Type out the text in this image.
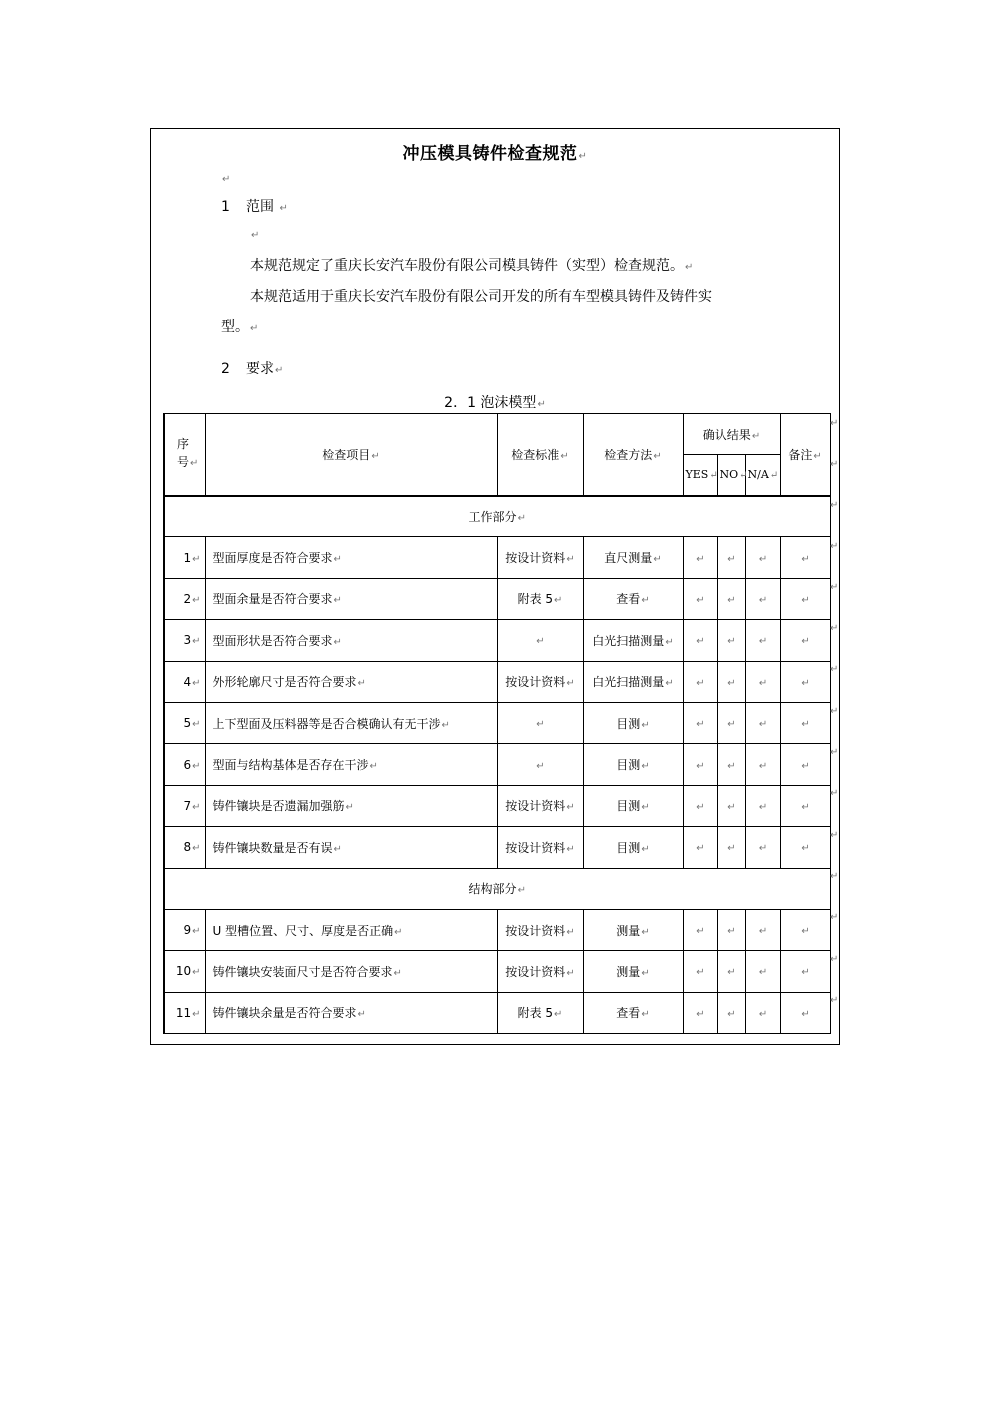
冲压模具铸件检查规范↵
↵
1 范围 ↵
↵
本规范规定了重庆长安汽车股份有限公司模具铸件（实型）检查规范。↵
本规范适用于重庆长安汽车股份有限公司开发的所有车型模具铸件及铸件实
型。↵
2 要求↵
2．1 泡沫模型↵
序
号↵	检查项目↵	检查标准↵	检查方法↵	确认结果↵			备注↵
				YES↵	NO↵	N/A↵	
工作部分↵							
1↵	型面厚度是否符合要求↵	按设计资料↵	直尺测量↵	↵	↵	↵	↵
2↵	型面余量是否符合要求↵	附表 5↵	查看↵	↵	↵	↵	↵
3↵	型面形状是否符合要求↵	↵	白光扫描测量↵	↵	↵	↵	↵
4↵	外形轮廓尺寸是否符合要求↵	按设计资料↵	白光扫描测量↵	↵	↵	↵	↵
5↵	上下型面及压料器等是否合模确认有无干涉↵	↵	目测↵	↵	↵	↵	↵
6↵	型面与结构基体是否存在干涉↵	↵	目测↵	↵	↵	↵	↵
7↵	铸件镶块是否遗漏加强筋↵	按设计资料↵	目测↵	↵	↵	↵	↵
8↵	铸件镶块数量是否有误↵	按设计资料↵	目测↵	↵	↵	↵	↵
结构部分↵							
9↵	U 型槽位置、尺寸、厚度是否正确↵	按设计资料↵	测量↵	↵	↵	↵	↵
10↵	铸件镶块安装面尺寸是否符合要求↵	按设计资料↵	测量↵	↵	↵	↵	↵
11↵	铸件镶块余量是否符合要求↵	附表 5↵	查看↵	↵	↵	↵	↵
↵
↵
↵
↵
↵
↵
↵
↵
↵
↵
↵
↵
↵
↵
↵
